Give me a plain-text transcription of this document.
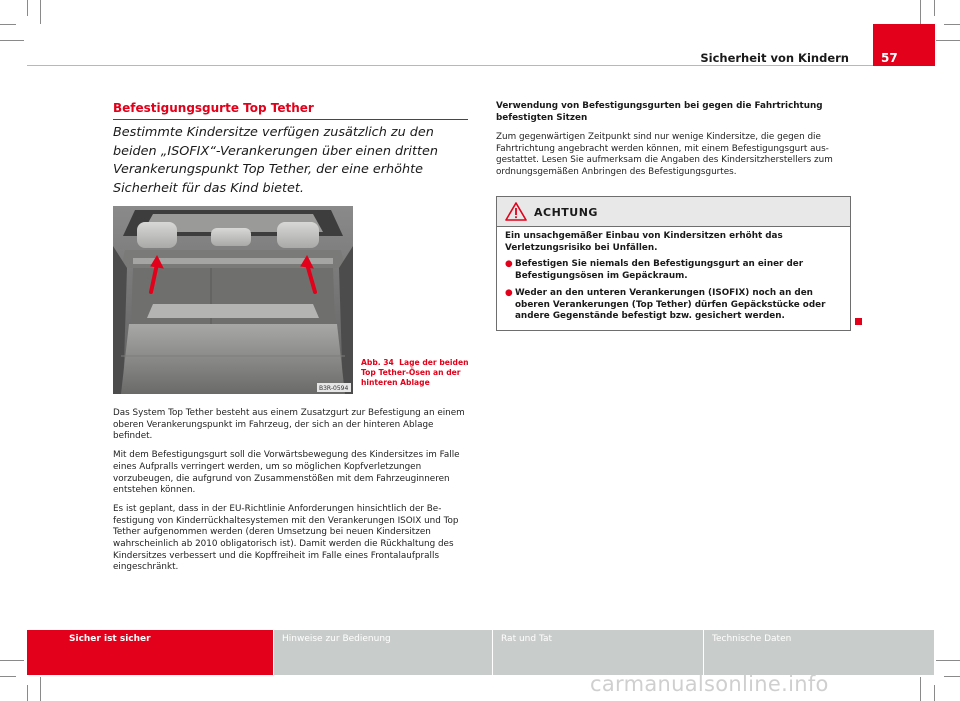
Sicherheit von Kindern	57
Befestigungsgurte Top Tether
Bestimmte Kindersitze verfügen zusätzlich zu den beiden „ISOFIX“-Verankerungen über einen dritten Verankerungspunkt Top Tether, der eine erhöhte Sicherheit für das Kind bietet.
B3R-0594
Abb. 34 Lage der beiden Top Tether-Ösen an der hinteren Ablage

Das System Top Tether besteht aus einem Zusatzgurt zur Befestigung an einem oberen Verankerungspunkt im Fahrzeug, der sich an der hinteren Ablage befindet.

Mit dem Befestigungsgurt soll die Vorwärtsbewegung des Kindersitzes im Falle eines Aufpralls verringert werden, um so möglichen Kopfverletzungen vorzubeugen, die aufgrund von Zusammenstößen mit dem Fahrzeuginneren entstehen können.

Es ist geplant, dass in der EU-Richtlinie Anforderungen hinsichtlich der Befestigung von Kinderrückhaltesystemen mit den Verankerungen ISOIX und Top Tether aufgenommen werden (deren Umsetzung bei neuen Kindersitzen wahrscheinlich ab 2010 obligatorisch ist). Damit werden die Rückhaltung des Kindersitzes verbessert und die Kopffreiheit im Falle eines Frontalaufpralls eingeschränkt.

Verwendung von Befestigungsgurten bei gegen die Fahrtrichtung befestigten Sitzen

Zum gegenwärtigen Zeitpunkt sind nur wenige Kindersitze, die gegen die Fahrtrichtung angebracht werden können, mit einem Befestigungsgurt ausgestattet. Lesen Sie aufmerksam die Angaben des Kindersitzherstellers zum ordnungsgemäßen Anbringen des Befestigungsgurtes.

ACHTUNG

Ein unsachgemäßer Einbau von Kindersitzen erhöht das Verletzungsrisiko bei Unfällen.

● Befestigen Sie niemals den Befestigungsgurt an einer der Befestigungsösen im Gepäckraum.

● Weder an den unteren Verankerungen (ISOFIX) noch an den oberen Verankerungen (Top Tether) dürfen Gepäckstücke oder andere Gegenstände befestigt bzw. gesichert werden.

Sicher ist sicher	Hinweise zur Bedienung	Rat und Tat	Technische Daten
carmanualsonline.info
